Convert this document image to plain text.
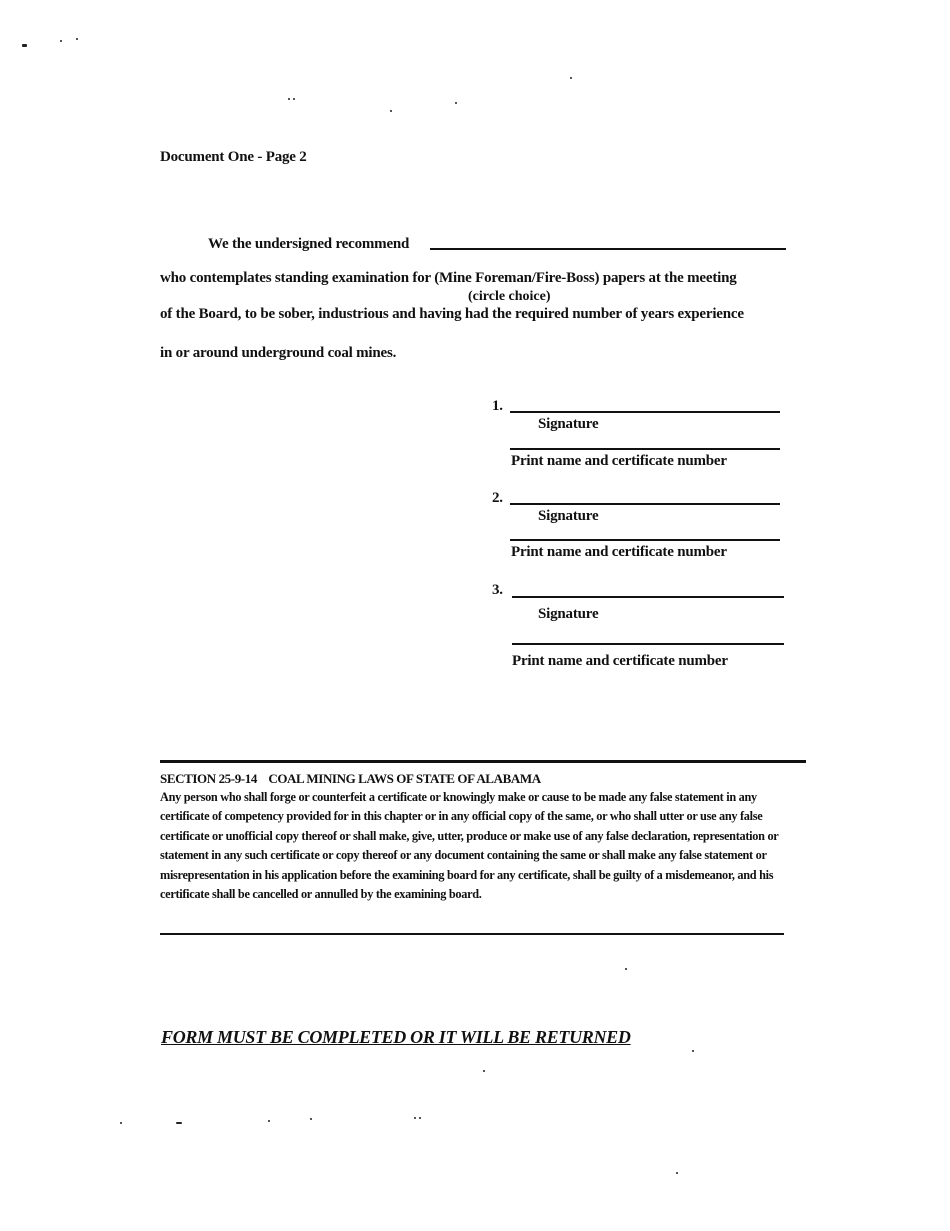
Document One - Page 2
We the undersigned recommend
who contemplates standing examination for (Mine Foreman/Fire-Boss) papers at the meeting
(circle choice)
of the Board, to be sober, industrious and having had the required number of years experience
in or around underground coal mines.
1.
Signature
Print name and certificate number
2.
Signature
Print name and certificate number
3.
Signature
Print name and certificate number
SECTION 25-9-14    COAL MINING LAWS OF STATE OF ALABAMA
Any person who shall forge or counterfeit a certificate or knowingly make or cause to be made any false statement in any certificate of competency provided for in this chapter or in any official copy of the same, or who shall utter or use any false certificate or unofficial copy thereof or shall make, give, utter, produce or make use of any false declaration, representation or statement in any such certificate or copy thereof or any document containing the same or shall make any false statement or misrepresentation in his application before the examining board for any certificate, shall be guilty of a misdemeanor, and his certificate shall be cancelled or annulled by the examining board.
FORM MUST BE COMPLETED OR IT WILL BE RETURNED
